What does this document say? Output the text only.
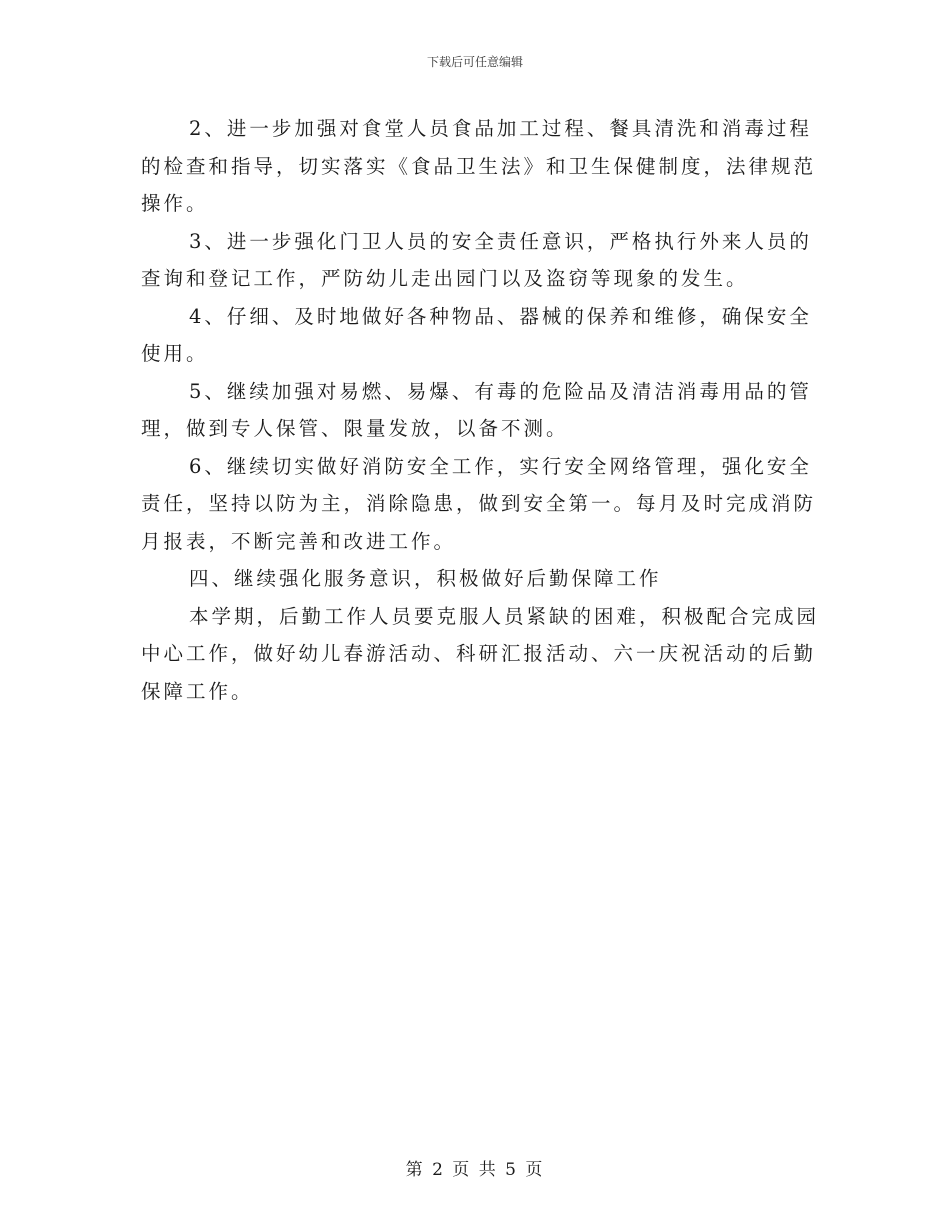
下载后可任意编辑

2、进一步加强对食堂人员食品加工过程、餐具清洗和消毒过程的检查和指导，切实落实《食品卫生法》和卫生保健制度，法律规范操作。

3、进一步强化门卫人员的安全责任意识，严格执行外来人员的查询和登记工作，严防幼儿走出园门以及盗窃等现象的发生。

4、仔细、及时地做好各种物品、器械的保养和维修，确保安全使用。

5、继续加强对易燃、易爆、有毒的危险品及清洁消毒用品的管理，做到专人保管、限量发放，以备不测。

6、继续切实做好消防安全工作，实行安全网络管理，强化安全责任，坚持以防为主，消除隐患，做到安全第一。每月及时完成消防月报表，不断完善和改进工作。

四、继续强化服务意识，积极做好后勤保障工作

本学期，后勤工作人员要克服人员紧缺的困难，积极配合完成园中心工作，做好幼儿春游活动、科研汇报活动、六一庆祝活动的后勤保障工作。

第 2 页 共 5 页
